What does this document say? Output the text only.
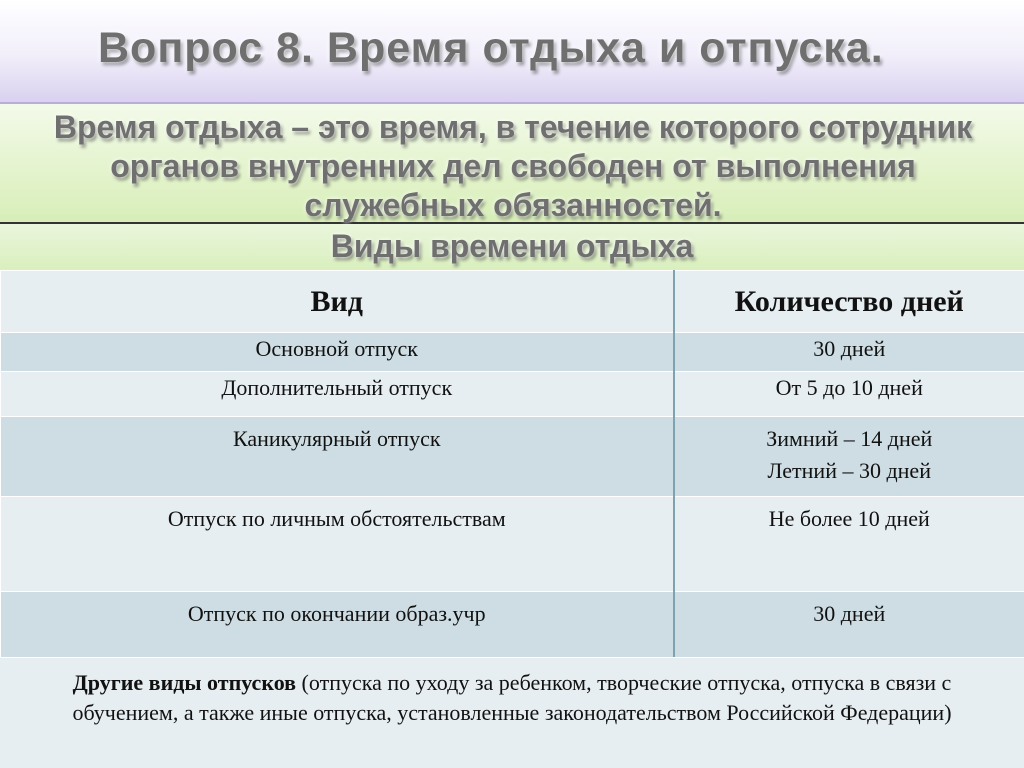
Вопрос 8. Время отдыха и отпуска.

Время отдыха – это время, в течение которого сотрудник органов внутренних дел свободен от выполнения служебных обязанностей.

Виды времени отдыха
Вид	Количество дней
Основной отпуск	30 дней
Дополнительный отпуск	От 5 до 10 дней
Каникулярный отпуск	Зимний – 14 дней
Летний – 30 дней

Отпуск по личным обстоятельствам	Не более 10 дней
Отпуск по окончании образ.учр	30 дней

Другие виды отпусков (отпуска по уходу за ребенком, творческие отпуска, отпуска в связи с обучением, а также иные отпуска, установленные законодательством Российской Федерации)
